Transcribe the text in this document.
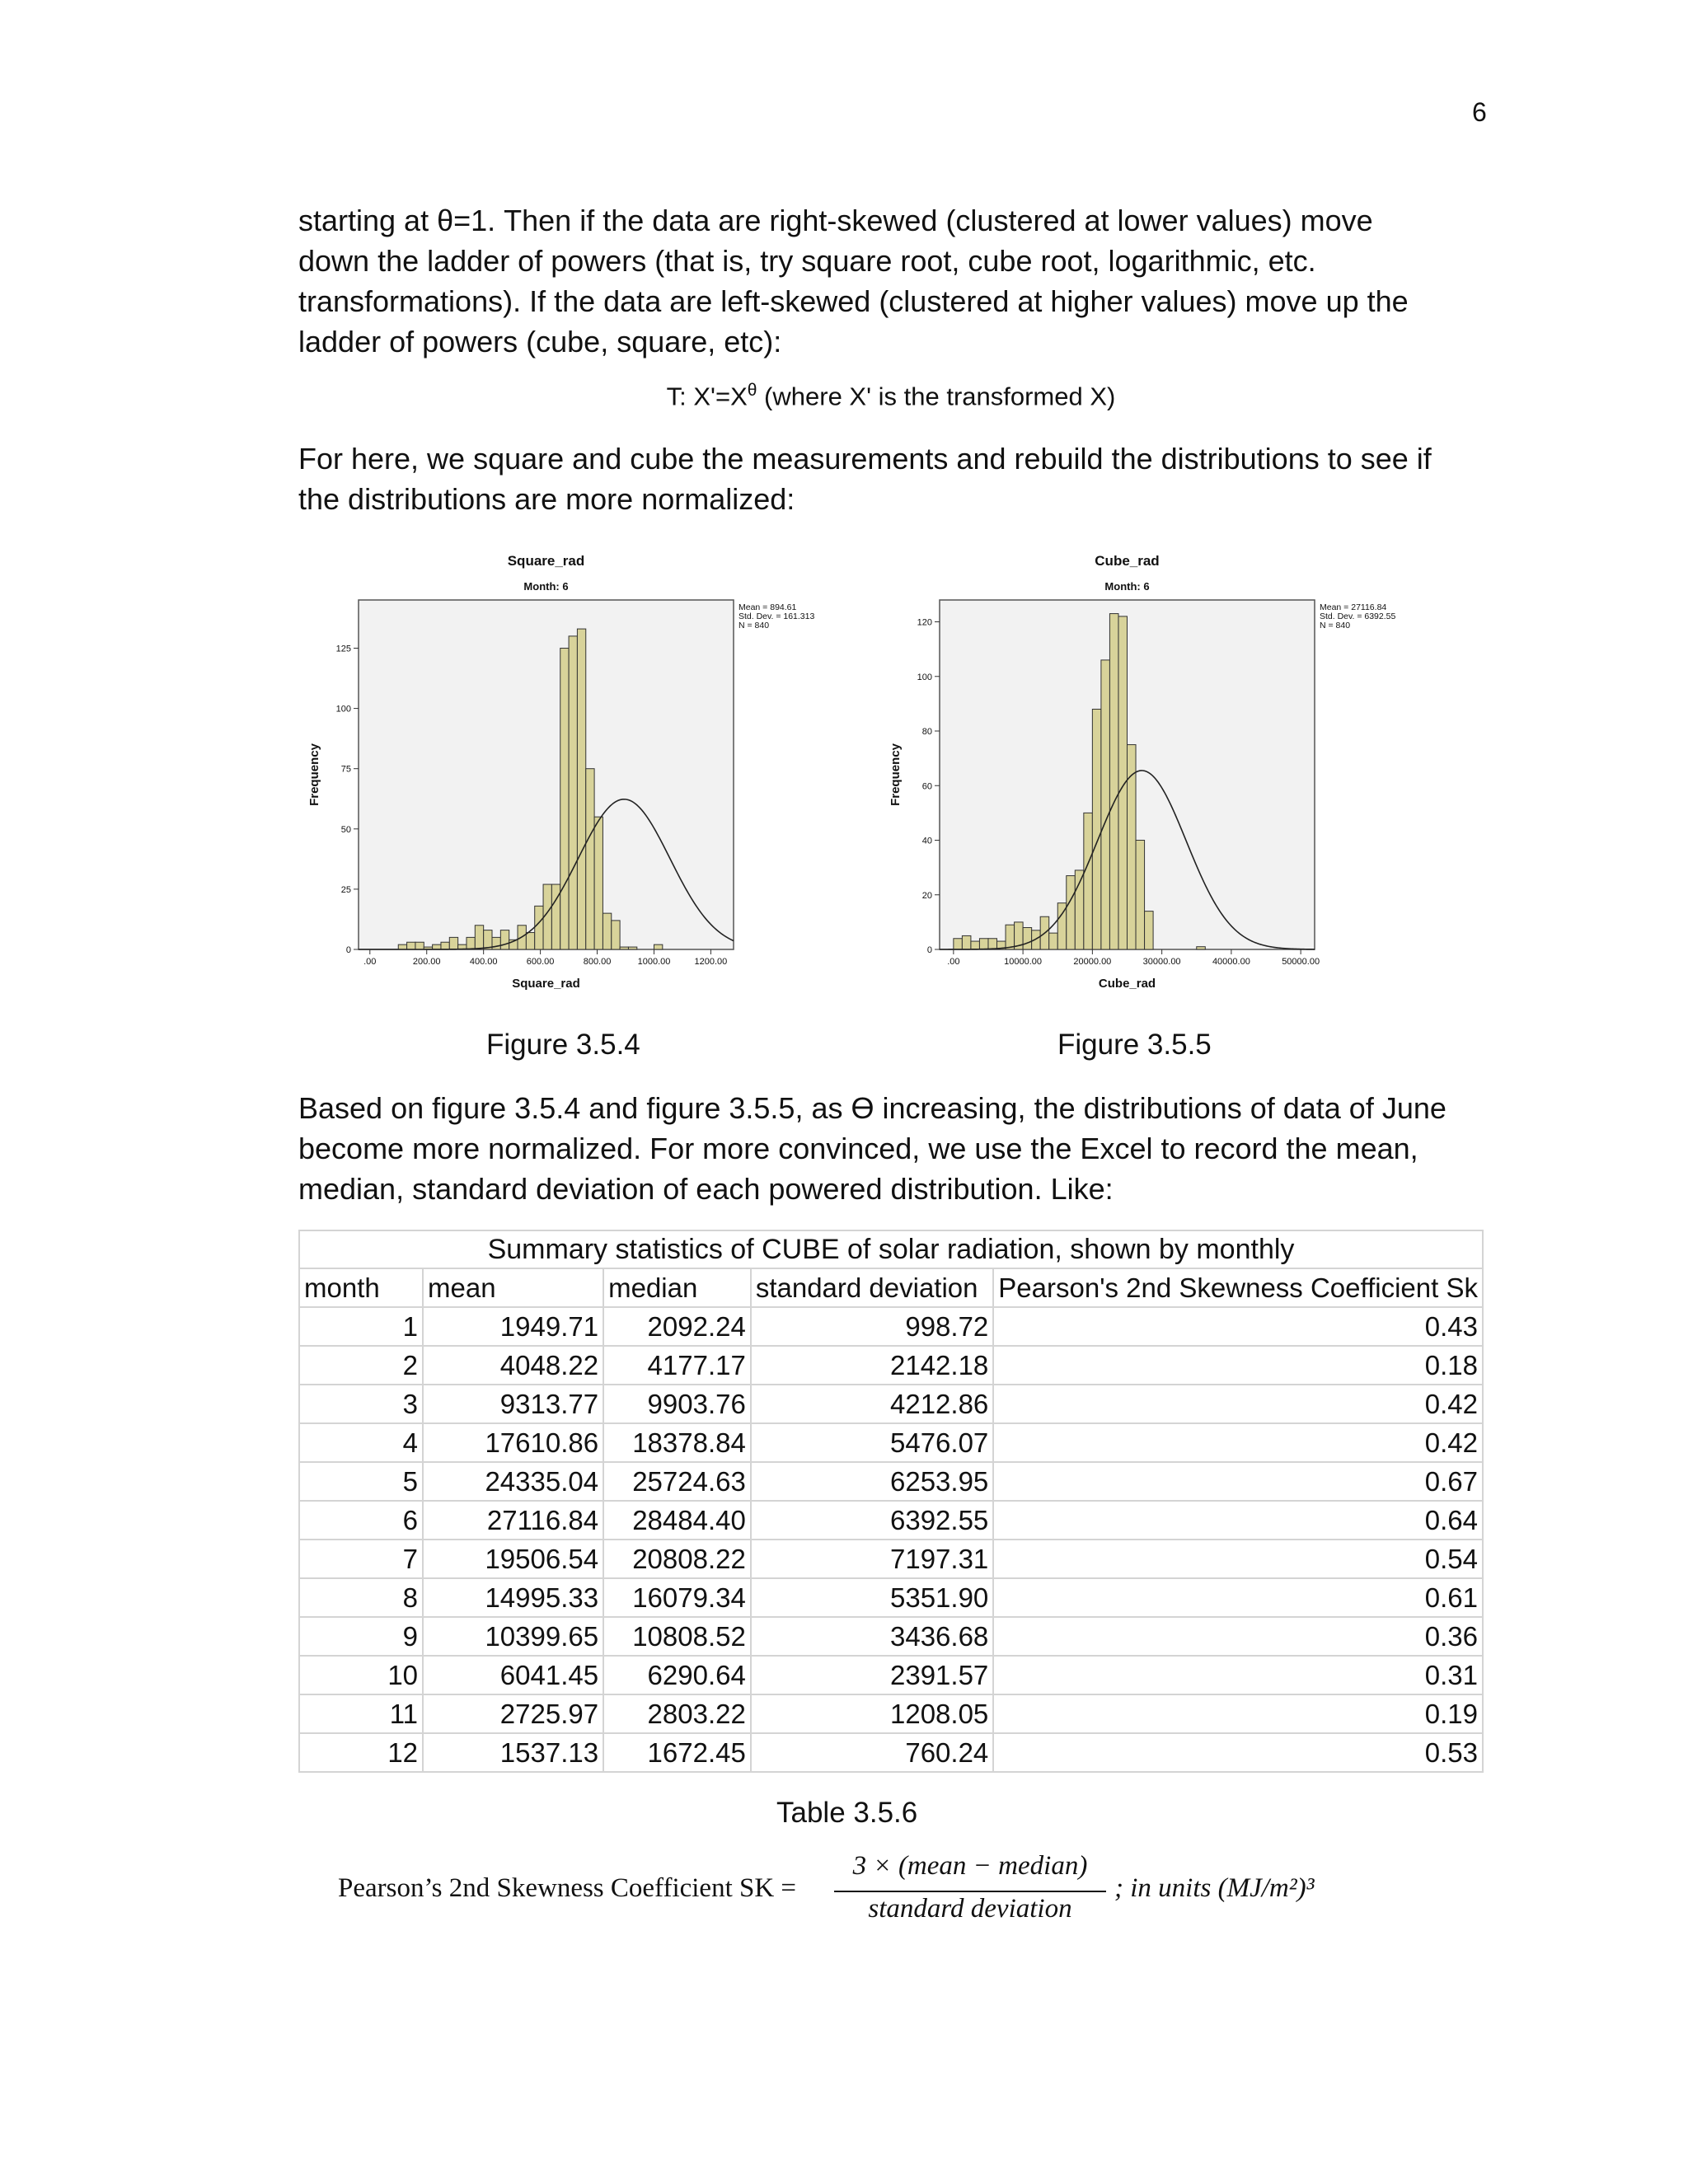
6
starting at θ=1. Then if the data are right-skewed (clustered at lower values) move
down the ladder of powers (that is, try square root, cube root, logarithmic, etc.
transformations). If the data are left-skewed (clustered at higher values) move up the
ladder of powers (cube, square, etc):
T: $X'=X^\theta$ (where X' is the transformed X)
For here, we square and cube the measurements and rebuild the distributions to see if
the distributions are more normalized:
Square_rad
Month: 6
0
25
50
75
100
125
.00	200.00	400.00	600.00	800.00	1000.00	1200.00
Square_rad
Frequency
Mean = 894.61
Std. Dev. = 161.313
N = 840
Cube_rad
Month: 6
0
20
40
60
80
100
120
.00	10000.00	20000.00	30000.00	40000.00	50000.00
Cube_rad
Frequency
Mean = 27116.84
Std. Dev. = 6392.55
N = 840
Figure 3.5.4	Figure 3.5.5
Based on figure 3.5.4 and figure 3.5.5, as Ɵ increasing, the distributions of data of June
become more normalized. For more convinced, we use the Excel to record the mean,
median, standard deviation of each powered distribution. Like:
Summary statistics of CUBE of solar radiation, shown by monthly				
month	mean	median	standard deviation	Pearson's 2nd Skewness Coefficient Sk
1	1949.71	2092.24	998.72	0.43
2	4048.22	4177.17	2142.18	0.18
3	9313.77	9903.76	4212.86	0.42
4	17610.86	18378.84	5476.07	0.42
5	24335.04	25724.63	6253.95	0.67
6	27116.84	28484.40	6392.55	0.64
7	19506.54	20808.22	7197.31	0.54
8	14995.33	16079.34	5351.90	0.61
9	10399.65	10808.52	3436.68	0.36
10	6041.45	6290.64	2391.57	0.31
11	2725.97	2803.22	1208.05	0.19
12	1537.13	1672.45	760.24	0.53
Table 3.5.6
Pearson’s 2nd Skewness Coefficient SK =
3 × (mean − median)
standard deviation
; in units (MJ/m²)³
